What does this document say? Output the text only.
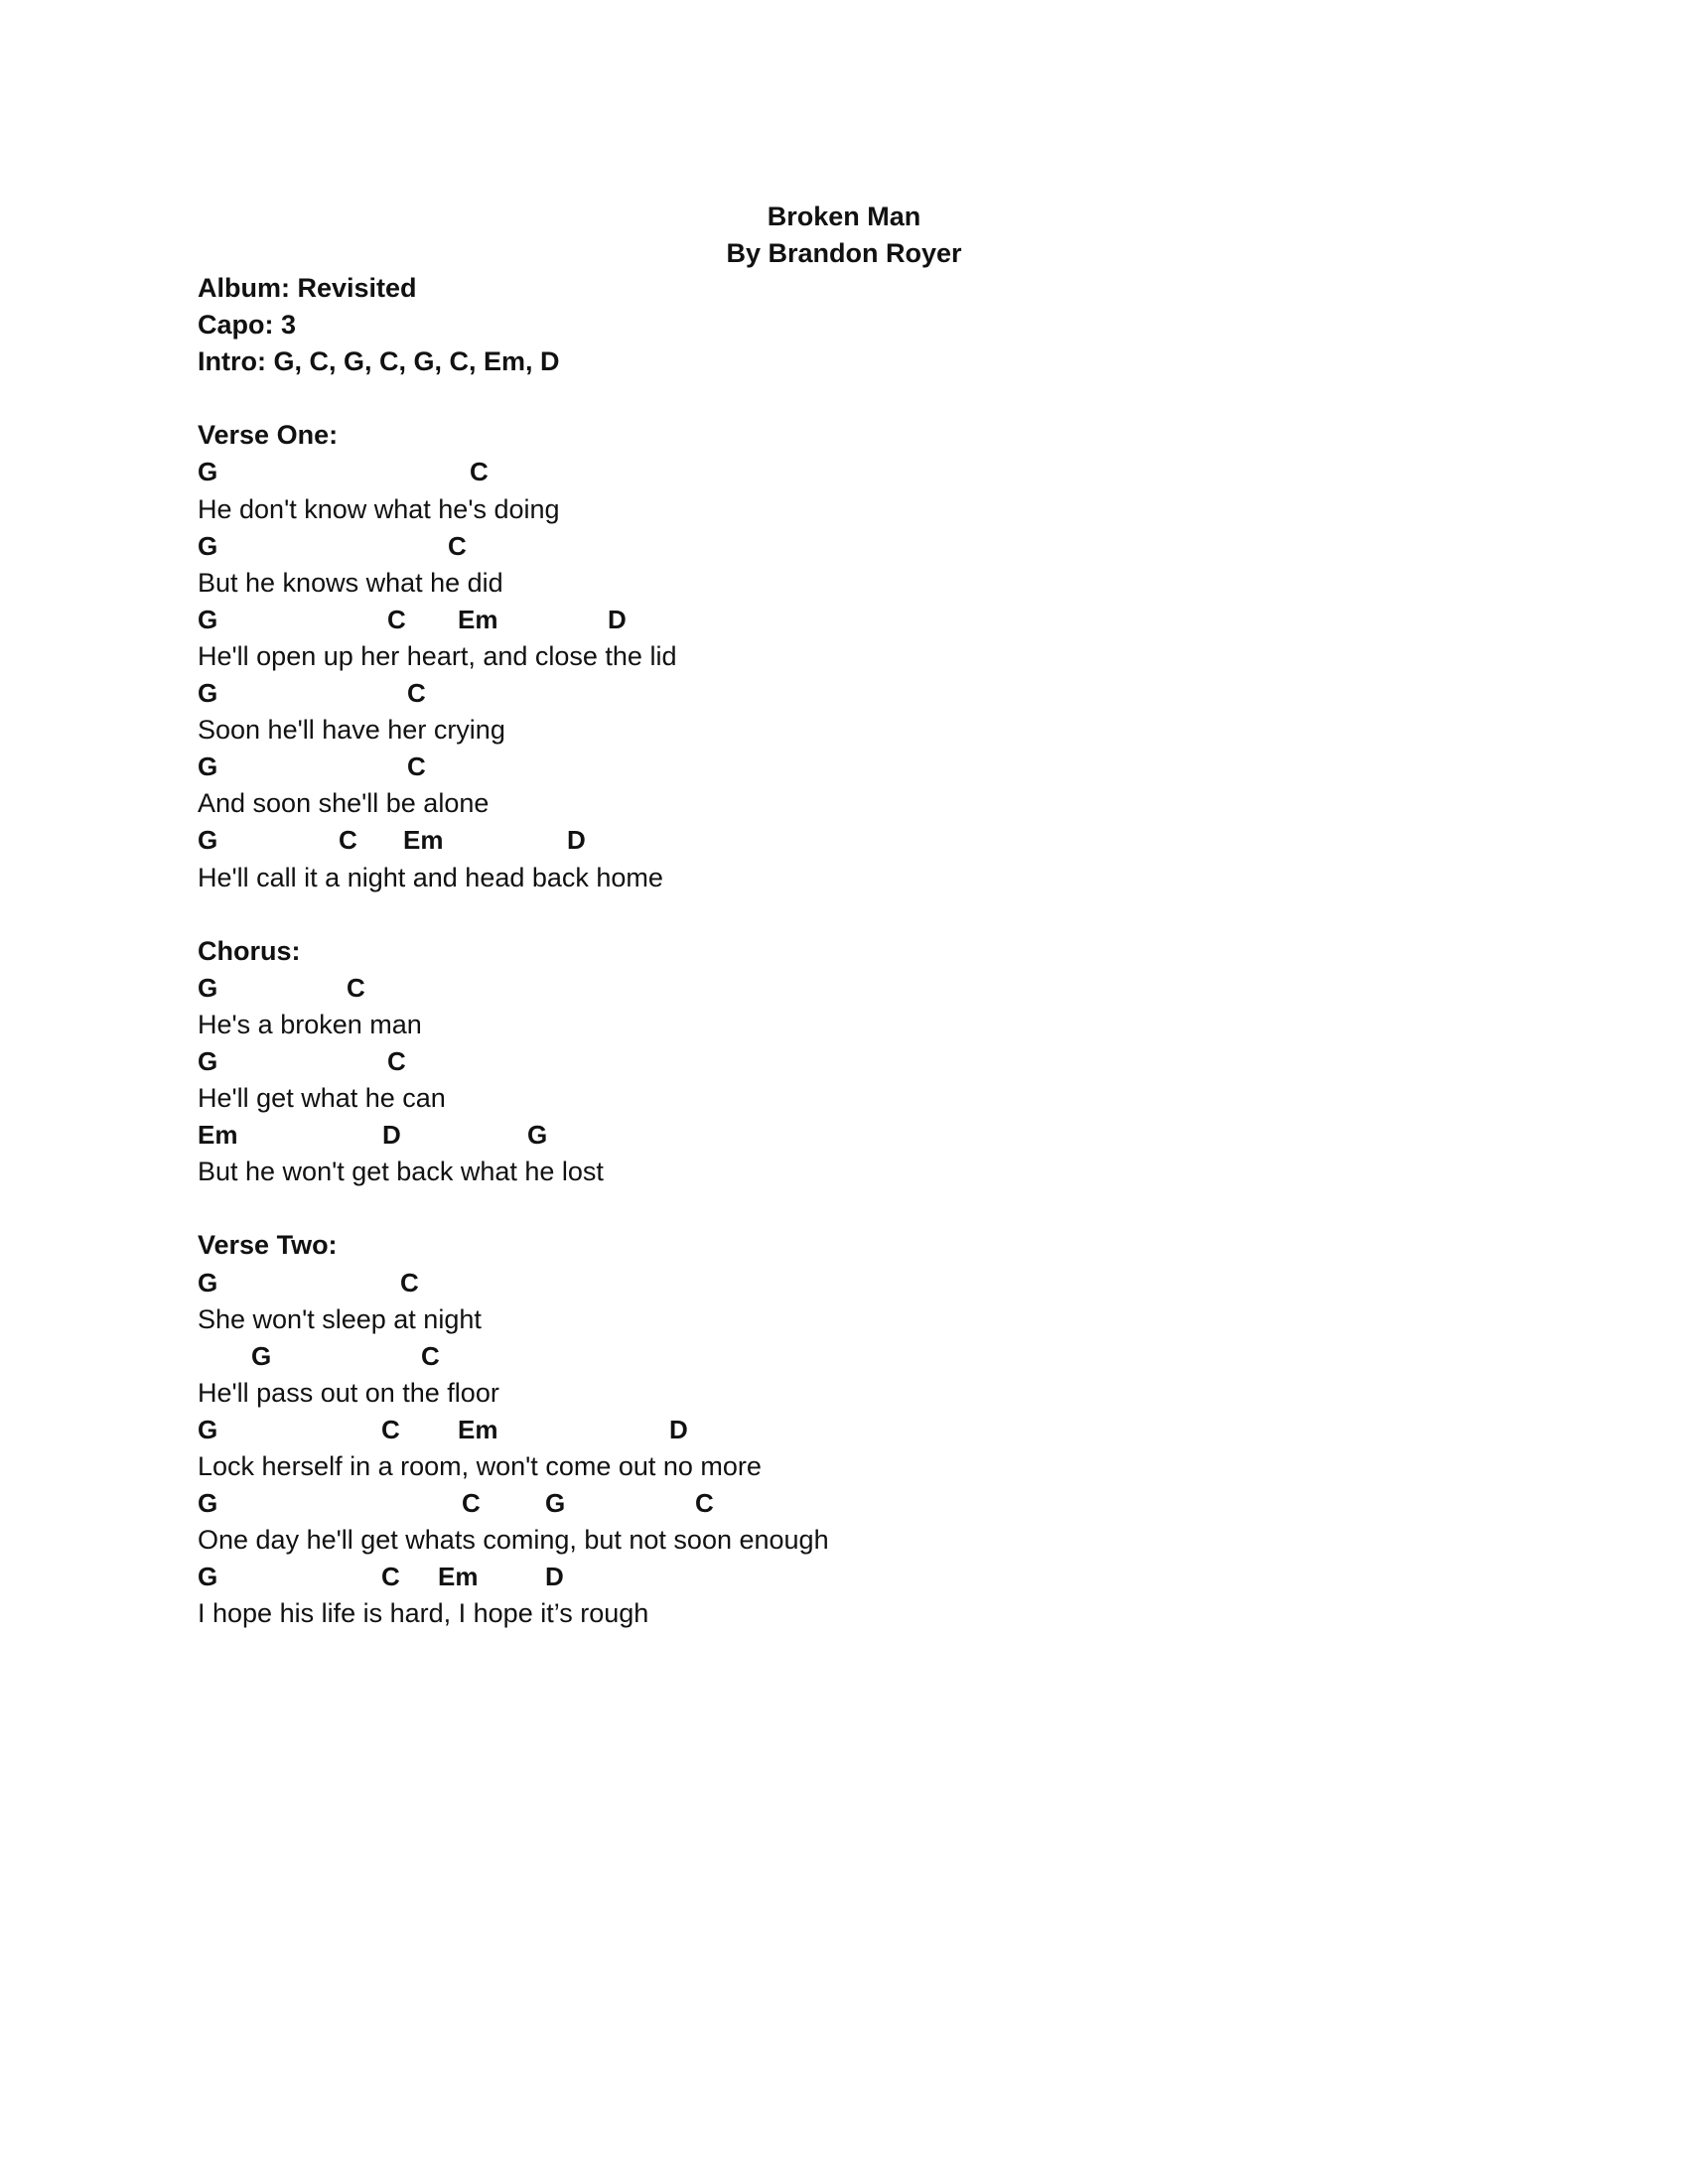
Broken Man
By Brandon Royer
Album: Revisited
Capo: 3
Intro: G, C, G, C, G, C, Em, D
Verse One:
G	C
He don't know what he's doing
G	C
But he knows what he did
G	C Em	D
He'll open up her heart, and close the lid
G	C
Soon he'll have her crying
G	C
And soon she'll be alone
G	C Em	D
He'll call it a night and head back home
Chorus:
G	C
He's a broken man
G	C
He'll get what he can
Em	D	G
But he won't get back what he lost
Verse Two:
G	C
She won't sleep at night
G	C
He'll pass out on the floor
G	C Em	D
Lock herself in a room, won't come out no more
G	C	G	C
One day he'll get whats coming, but not soon enough
G	C Em	D
I hope his life is hard, I hope it’s rough
